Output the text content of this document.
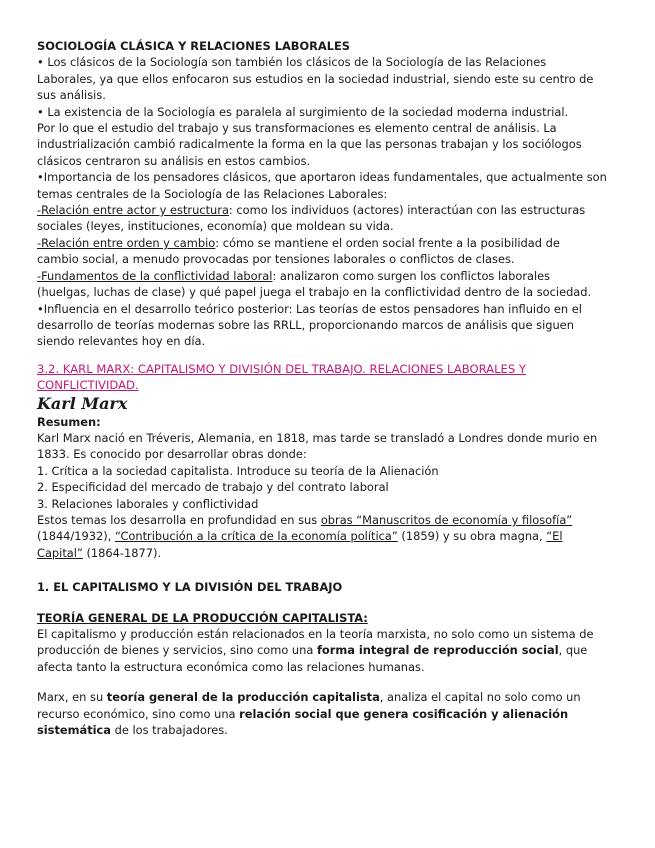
SOCIOLOGÍA CLÁSICA Y RELACIONES LABORALES

• Los clásicos de la Sociología son también los clásicos de la Sociología de las Relaciones

Laborales, ya que ellos enfocaron sus estudios en la sociedad industrial, siendo este su centro de

sus análisis.

• La existencia de la Sociología es paralela al surgimiento de la sociedad moderna industrial.

Por lo que el estudio del trabajo y sus transformaciones es elemento central de análisis. La

industrialización cambió radicalmente la forma en la que las personas trabajan y los sociólogos

clásicos centraron su análisis en estos cambios.

•Importancia de los pensadores clásicos, que aportaron ideas fundamentales, que actualmente son

temas centrales de la Sociología de las Relaciones Laborales:

-Relación entre actor y estructura: como los individuos (actores) interactúan con las estructuras

sociales (leyes, instituciones, economía) que moldean su vida.

-Relación entre orden y cambio: cómo se mantiene el orden social frente a la posibilidad de

cambio social, a menudo provocadas por tensiones laborales o conflictos de clases.

-Fundamentos de la conflictividad laboral: analizaron como surgen los conflictos laborales

(huelgas, luchas de clase) y qué papel juega el trabajo en la conflictividad dentro de la sociedad.

•Influencia en el desarrollo teórico posterior: Las teorías de estos pensadores han influido en el

desarrollo de teorías modernas sobre las RRLL, proporcionando marcos de análisis que siguen

siendo relevantes hoy en día.

3.2. KARL MARX: CAPITALISMO Y DIVISIÓN DEL TRABAJO. RELACIONES LABORALES Y
CONFLICTIVIDAD.

Karl Marx

Resumen:

Karl Marx nació en Tréveris, Alemania, en 1818, mas tarde se transladó a Londres donde murio en

1833. Es conocido por desarrollar obras donde:

1. Crítica a la sociedad capitalista. Introduce su teoría de la Alienación

2. Especificidad del mercado de trabajo y del contrato laboral

3. Relaciones laborales y conflictividad

Estos temas los desarrolla en profundidad en sus obras “Manuscritos de economía y filosofía”

(1844/1932), “Contribución a la crítica de la economía política” (1859) y su obra magna, “El

Capital” (1864-1877).

1. EL CAPITALISMO Y LA DIVISIÓN DEL TRABAJO

TEORÍA GENERAL DE LA PRODUCCIÓN CAPITALISTA:

El capitalismo y producción están relacionados en la teoría marxista, no solo como un sistema de

producción de bienes y servicios, sino como una forma integral de reproducción social, que

afecta tanto la estructura económica como las relaciones humanas.

Marx, en su teoría general de la producción capitalista, analiza el capital no solo como un

recurso económico, sino como una relación social que genera cosificación y alienación

sistemática de los trabajadores.
